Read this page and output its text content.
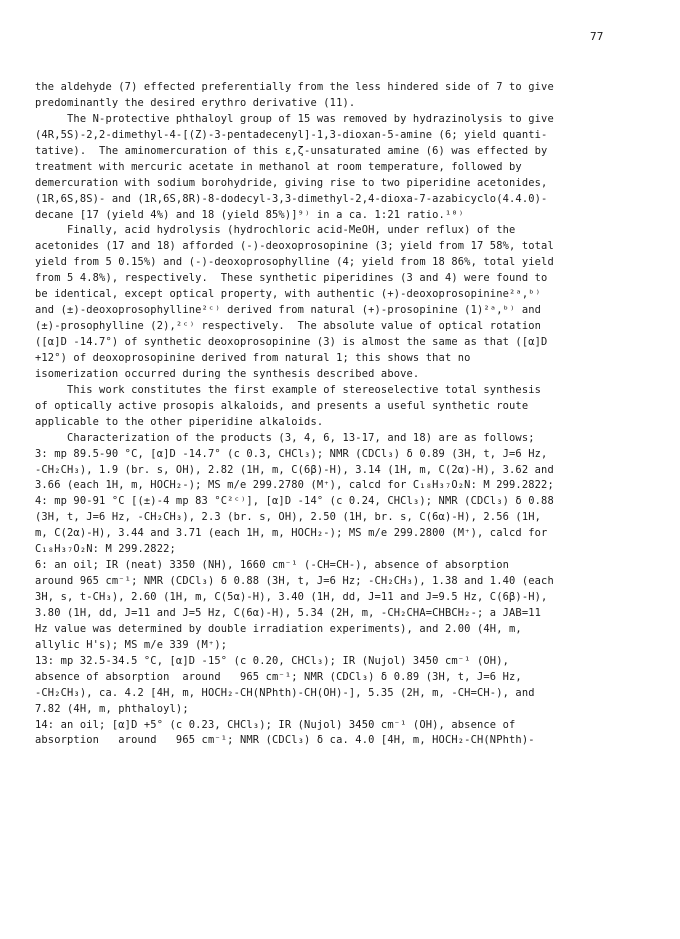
77
the aldehyde (7) effected preferentially from the less hindered side of 7 to give
predominantly the desired erythro derivative (11).
The N-protective phthaloyl group of 15 was removed by hydrazinolysis to give
(4R,5S)-2,2-dimethyl-4-[(Z)-3-pentadecenyl]-1,3-dioxan-5-amine (6; yield quanti-
tative).  The aminomercuration of this ε,ζ-unsaturated amine (6) was effected by
treatment with mercuric acetate in methanol at room temperature, followed by
demercuration with sodium borohydride, giving rise to two piperidine acetonides,
(1R,6S,8S)- and (1R,6S,8R)-8-dodecyl-3,3-dimethyl-2,4-dioxa-7-azabicyclo(4.4.0)-
decane [17 (yield 4%) and 18 (yield 85%)]⁹⁾ in a ca. 1:21 ratio.¹⁰⁾
Finally, acid hydrolysis (hydrochloric acid-MeOH, under reflux) of the
acetonides (17 and 18) afforded (-)-deoxoprosopinine (3; yield from 17 58%, total
yield from 5 0.15%) and (-)-deoxoprosophylline (4; yield from 18 86%, total yield
from 5 4.8%), respectively.  These synthetic piperidines (3 and 4) were found to
be identical, except optical property, with authentic (+)-deoxoprosopinine²ᵃ,ᵇ⁾
and (±)-deoxoprosophylline²ᶜ⁾ derived from natural (+)-prosopinine (1)²ᵃ,ᵇ⁾ and
(±)-prosophylline (2),²ᶜ⁾ respectively.  The absolute value of optical rotation
([α]D -14.7°) of synthetic deoxoprosopinine (3) is almost the same as that ([α]D
+12°) of deoxoprosopinine derived from natural 1; this shows that no
isomerization occurred during the synthesis described above.
This work constitutes the first example of stereoselective total synthesis
of optically active prosopis alkaloids, and presents a useful synthetic route
applicable to the other piperidine alkaloids.
Characterization of the products (3, 4, 6, 13-17, and 18) are as follows;
3: mp 89.5-90 °C, [α]D -14.7° (c 0.3, CHCl₃); NMR (CDCl₃) δ 0.89 (3H, t, J=6 Hz,
-CH₂CH₃), 1.9 (br. s, OH), 2.82 (1H, m, C(6β)-H), 3.14 (1H, m, C(2α)-H), 3.62 and
3.66 (each 1H, m, HOCH₂-); MS m/e 299.2780 (M⁺), calcd for C₁₈H₃₇O₂N: M 299.2822;
4: mp 90-91 °C [(±)-4 mp 83 °C²ᶜ⁾], [α]D -14° (c 0.24, CHCl₃); NMR (CDCl₃) δ 0.88
(3H, t, J=6 Hz, -CH₂CH₃), 2.3 (br. s, OH), 2.50 (1H, br. s, C(6α)-H), 2.56 (1H,
m, C(2α)-H), 3.44 and 3.71 (each 1H, m, HOCH₂-); MS m/e 299.2800 (M⁺), calcd for
C₁₈H₃₇O₂N: M 299.2822;
6: an oil; IR (neat) 3350 (NH), 1660 cm⁻¹ (-CH=CH-), absence of absorption
around 965 cm⁻¹; NMR (CDCl₃) δ 0.88 (3H, t, J=6 Hz; -CH₂CH₃), 1.38 and 1.40 (each
3H, s, t-CH₃), 2.60 (1H, m, C(5α)-H), 3.40 (1H, dd, J=11 and J=9.5 Hz, C(6β)-H),
3.80 (1H, dd, J=11 and J=5 Hz, C(6α)-H), 5.34 (2H, m, -CH₂CHA=CHBCH₂-; a JAB=11
Hz value was determined by double irradiation experiments), and 2.00 (4H, m,
allylic H's); MS m/e 339 (M⁺);
13: mp 32.5-34.5 °C, [α]D -15° (c 0.20, CHCl₃); IR (Nujol) 3450 cm⁻¹ (OH),
absence of absorption  around   965 cm⁻¹; NMR (CDCl₃) δ 0.89 (3H, t, J=6 Hz,
-CH₂CH₃), ca. 4.2 [4H, m, HOCH₂-CH(NPhth)-CH(OH)-], 5.35 (2H, m, -CH=CH-), and
7.82 (4H, m, phthaloyl);
14: an oil; [α]D +5° (c 0.23, CHCl₃); IR (Nujol) 3450 cm⁻¹ (OH), absence of
absorption   around   965 cm⁻¹; NMR (CDCl₃) δ ca. 4.0 [4H, m, HOCH₂-CH(NPhth)-
